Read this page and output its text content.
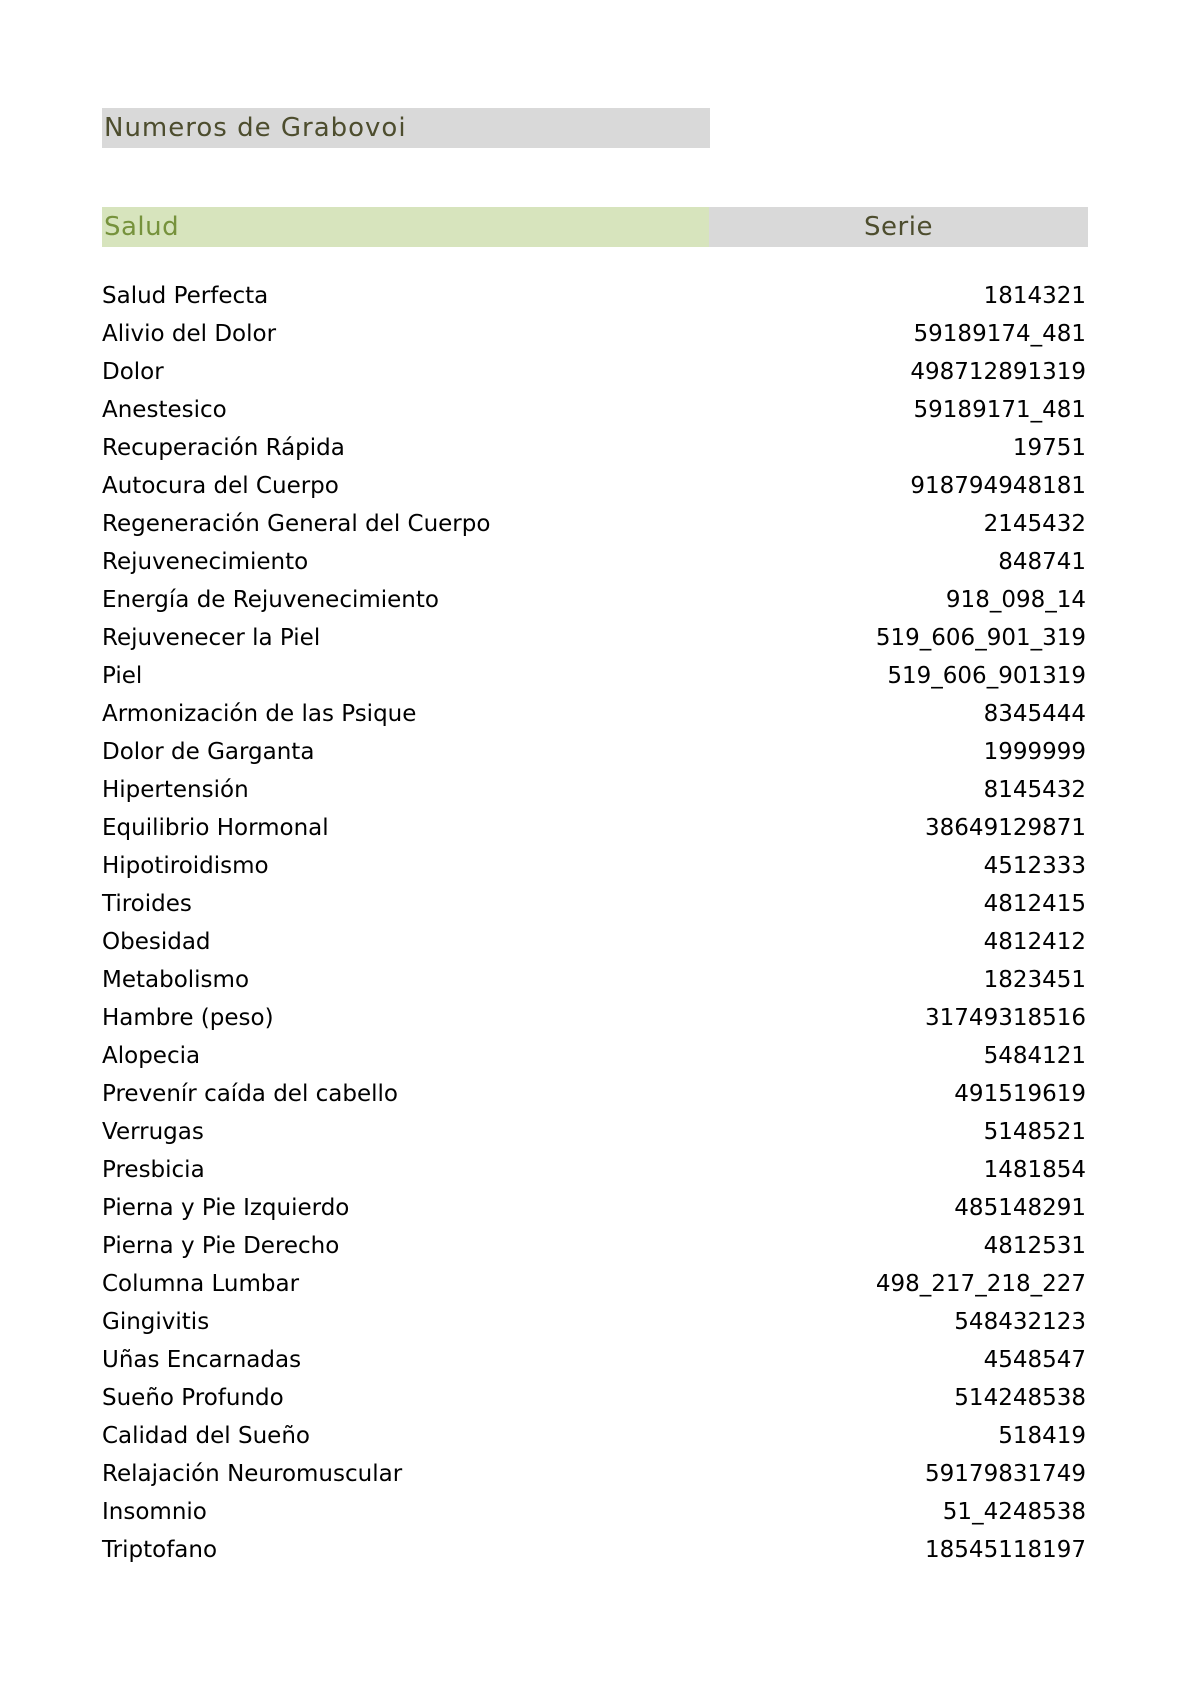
Numeros de Grabovoi
Salud	Serie
Salud Perfecta	1814321
Alivio del Dolor	59189174_481
Dolor	498712891319
Anestesico	59189171_481
Recuperación Rápida	19751
Autocura del Cuerpo	918794948181
Regeneración General del Cuerpo	2145432
Rejuvenecimiento	848741
Energía de Rejuvenecimiento	918_098_14
Rejuvenecer la Piel	519_606_901_319
Piel	519_606_901319
Armonización de las Psique	8345444
Dolor de Garganta	1999999
Hipertensión	8145432
Equilibrio Hormonal	38649129871
Hipotiroidismo	4512333
Tiroides	4812415
Obesidad	4812412
Metabolismo	1823451
Hambre (peso)	31749318516
Alopecia	5484121
Prevenír caída del cabello	491519619
Verrugas	5148521
Presbicia	1481854
Pierna y Pie Izquierdo	485148291
Pierna y Pie Derecho	4812531
Columna Lumbar	498_217_218_227
Gingivitis	548432123
Uñas Encarnadas	4548547
Sueño Profundo	514248538
Calidad del Sueño	518419
Relajación Neuromuscular	59179831749
Insomnio	51_4248538
Triptofano	18545118197
